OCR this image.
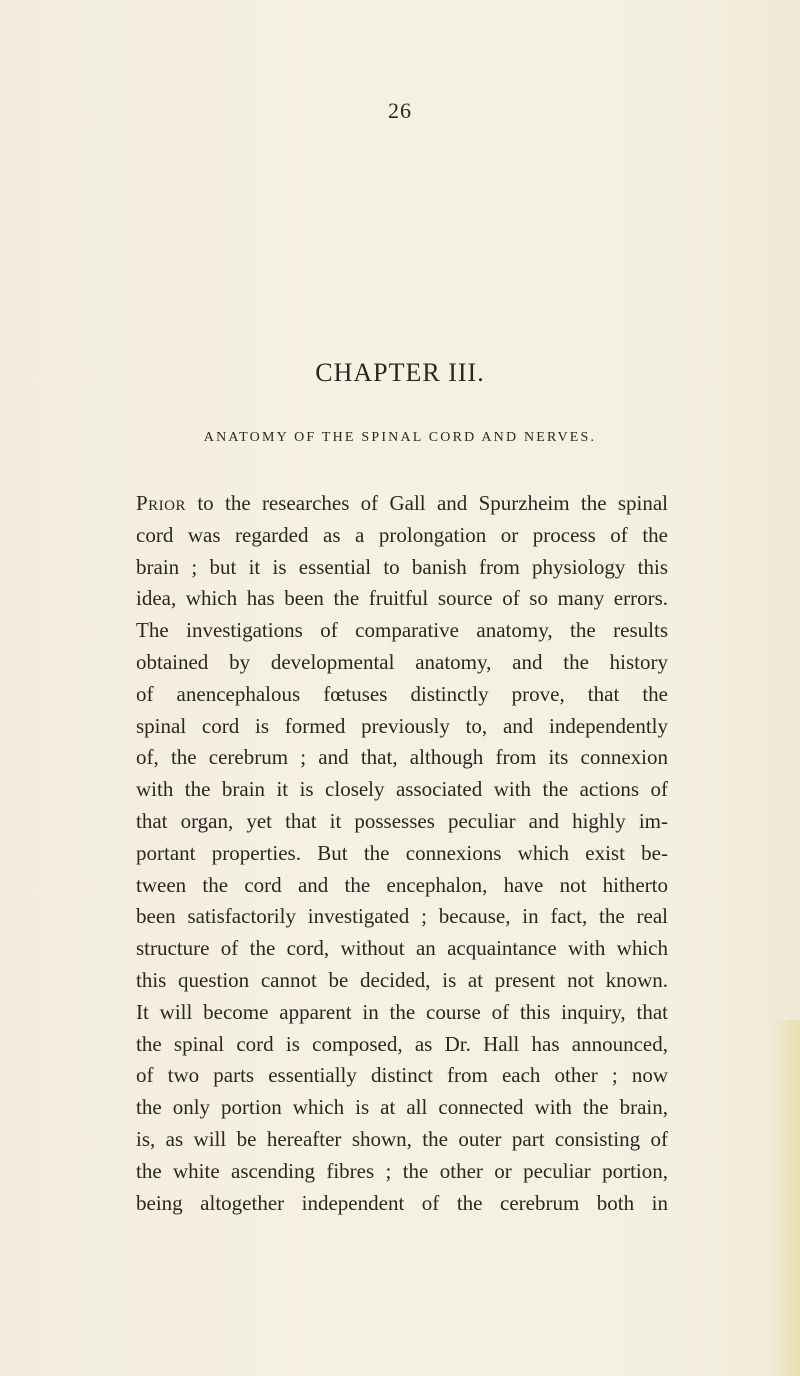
26
CHAPTER III.
ANATOMY OF THE SPINAL CORD AND NERVES.
Prior to the researches of Gall and Spurzheim the spinal
cord was regarded as a prolongation or process of the
brain ; but it is essential to banish from physiology this
idea, which has been the fruitful source of so many errors.
The investigations of comparative anatomy, the results
obtained by developmental anatomy, and the history
of anencephalous fœtuses distinctly prove, that the
spinal cord is formed previously to, and independently
of, the cerebrum ; and that, although from its connexion
with the brain it is closely associated with the actions of
that organ, yet that it possesses peculiar and highly im-
portant properties. But the connexions which exist be-
tween the cord and the encephalon, have not hitherto
been satisfactorily investigated ; because, in fact, the real
structure of the cord, without an acquaintance with which
this question cannot be decided, is at present not known.
It will become apparent in the course of this inquiry, that
the spinal cord is composed, as Dr. Hall has announced,
of two parts essentially distinct from each other ; now
the only portion which is at all connected with the brain,
is, as will be hereafter shown, the outer part consisting of
the white ascending fibres ; the other or peculiar portion,
being altogether independent of the cerebrum both in
